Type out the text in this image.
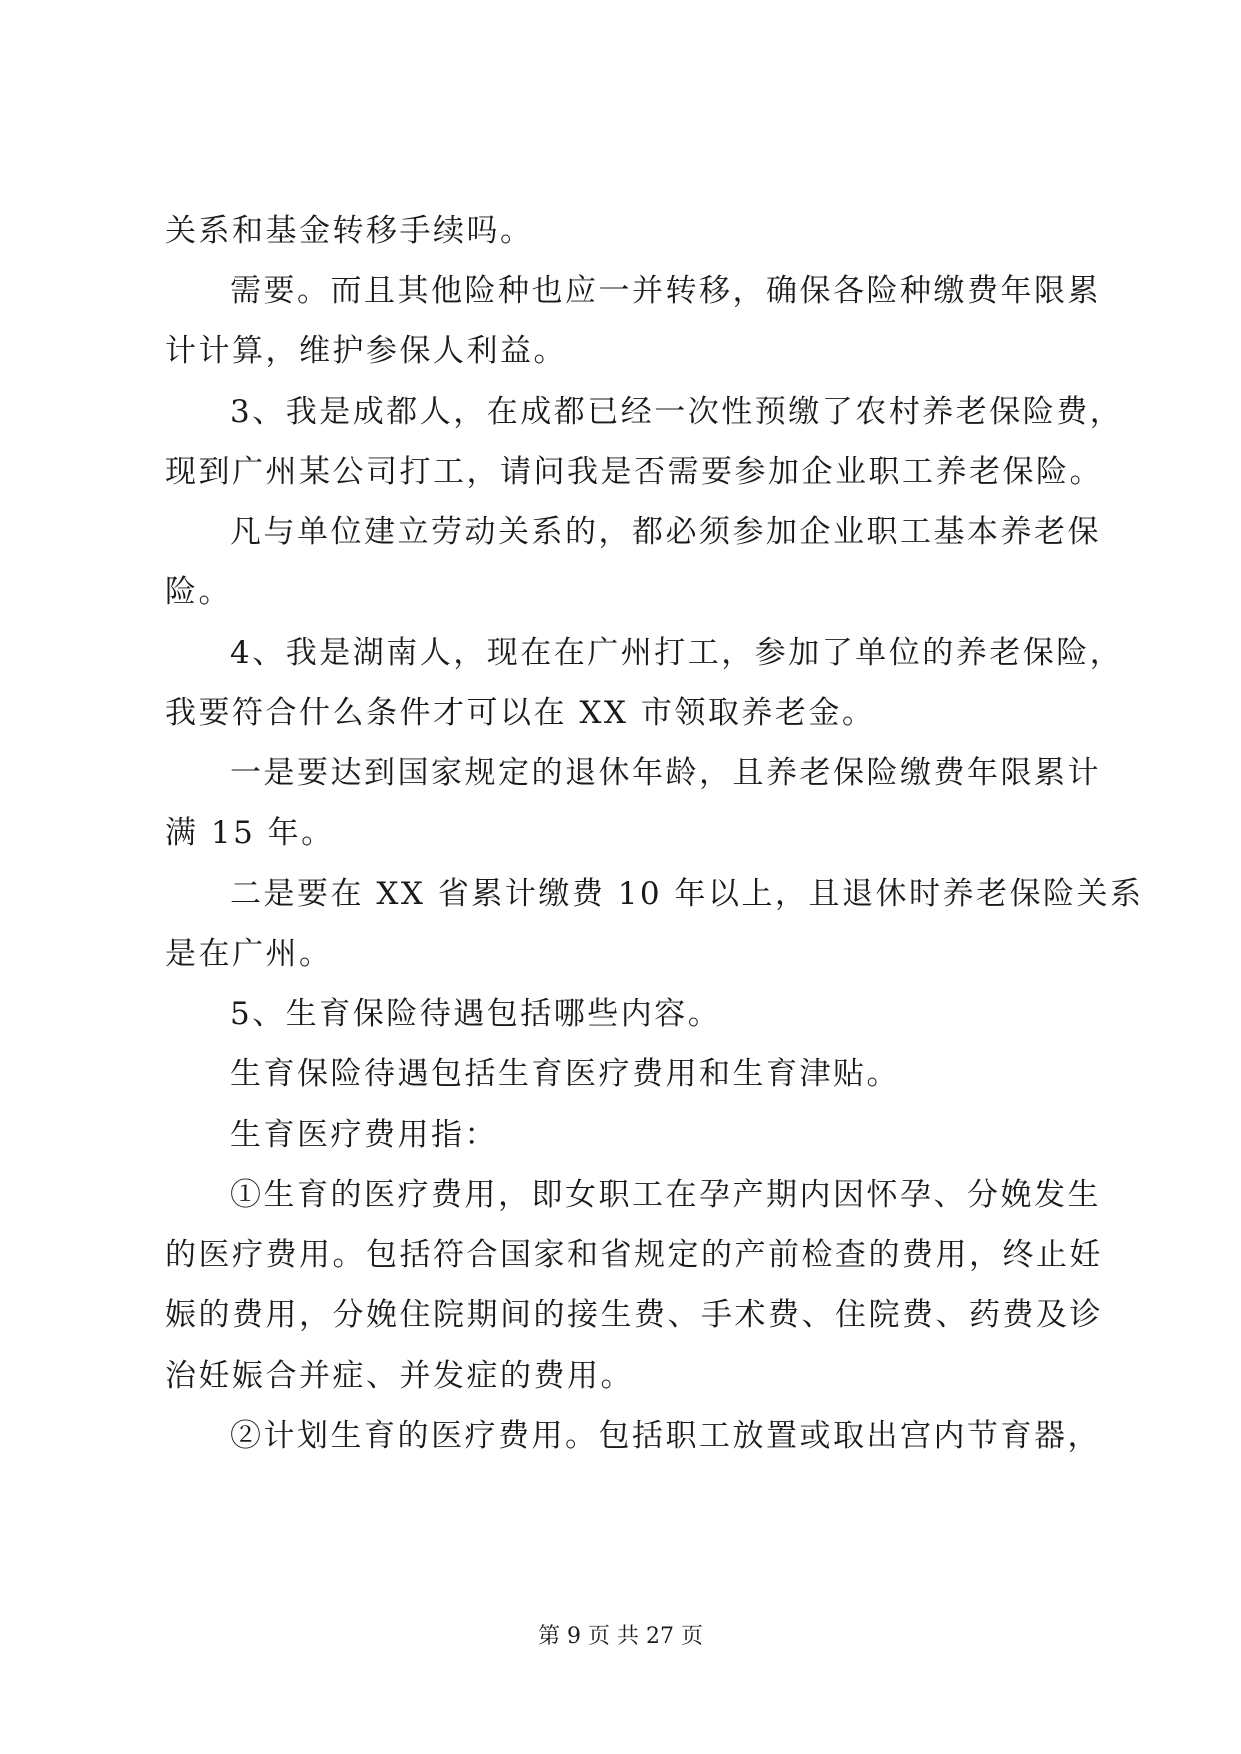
关系和基金转移手续吗。
需要。而且其他险种也应一并转移，确保各险种缴费年限累
计计算，维护参保人利益。
3、我是成都人，在成都已经一次性预缴了农村养老保险费，
现到广州某公司打工，请问我是否需要参加企业职工养老保险。
凡与单位建立劳动关系的，都必须参加企业职工基本养老保
险。
4、我是湖南人，现在在广州打工，参加了单位的养老保险，
我要符合什么条件才可以在 XX 市领取养老金。
一是要达到国家规定的退休年龄，且养老保险缴费年限累计
满 15 年。
二是要在 XX 省累计缴费 10 年以上，且退休时养老保险关系
是在广州。
5、生育保险待遇包括哪些内容。
生育保险待遇包括生育医疗费用和生育津贴。
生育医疗费用指：
①生育的医疗费用，即女职工在孕产期内因怀孕、分娩发生
的医疗费用。包括符合国家和省规定的产前检查的费用，终止妊
娠的费用，分娩住院期间的接生费、手术费、住院费、药费及诊
治妊娠合并症、并发症的费用。
②计划生育的医疗费用。包括职工放置或取出宫内节育器，
第 9 页 共 27 页
